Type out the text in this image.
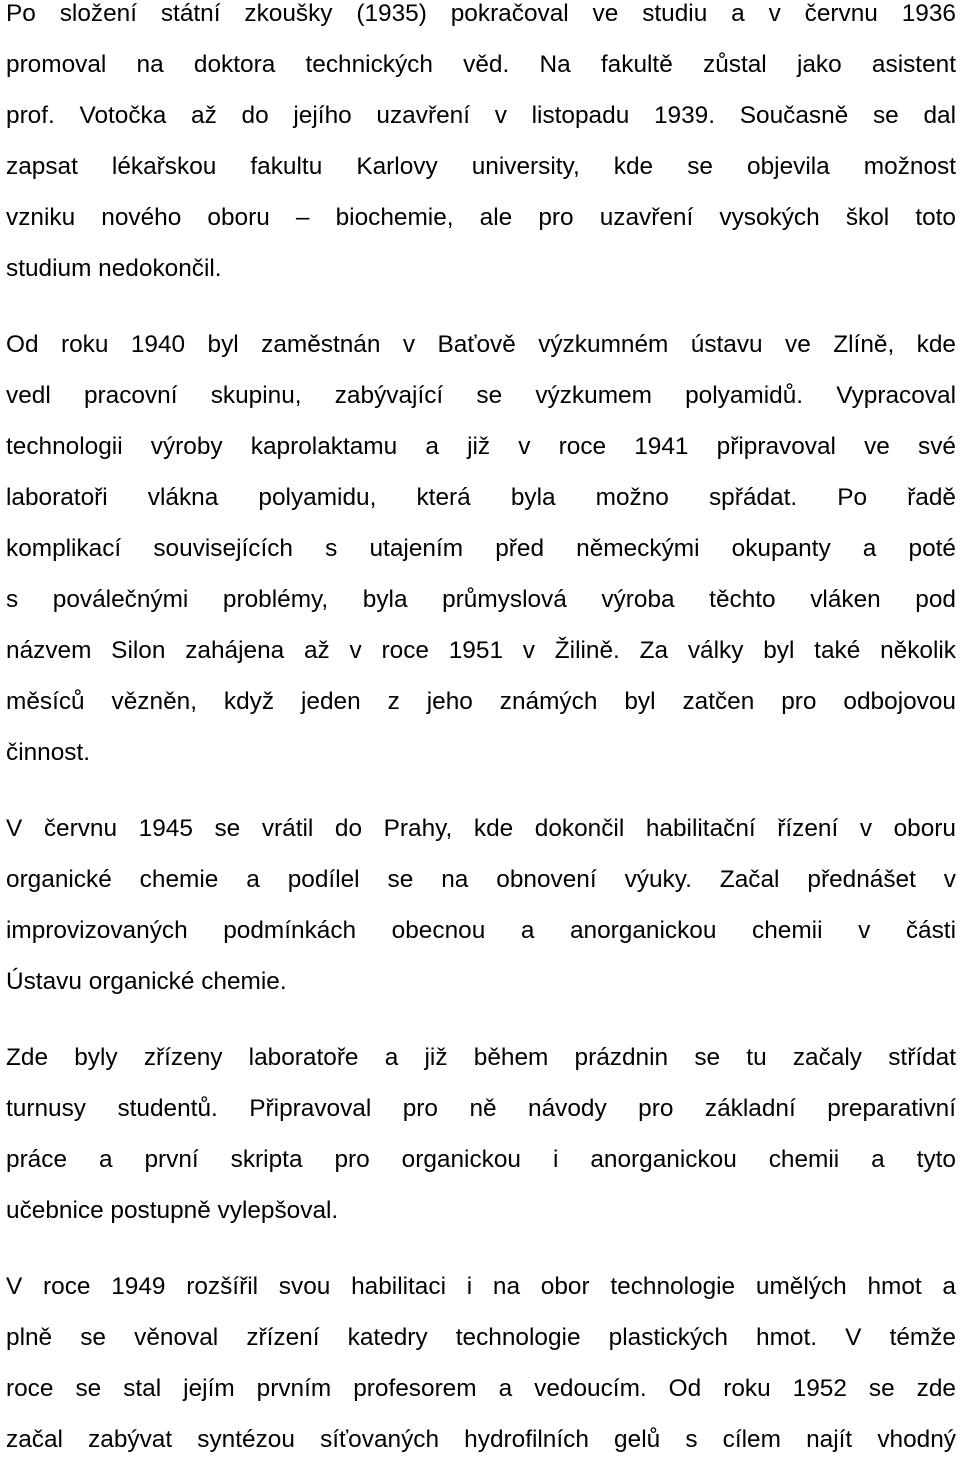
Po složení státní zkoušky (1935) pokračoval ve studiu a v červnu 1936
promoval na doktora technických věd. Na fakultě zůstal jako asistent
prof. Votočka až do jejího uzavření v listopadu 1939. Současně se dal
zapsat lékařskou fakultu Karlovy university, kde se objevila možnost
vzniku nového oboru – biochemie, ale pro uzavření vysokých škol toto
studium nedokončil.

Od roku 1940 byl zaměstnán v Baťově výzkumném ústavu ve Zlíně, kde
vedl pracovní skupinu, zabývající se výzkumem polyamidů. Vypracoval
technologii výroby kaprolaktamu a již v roce 1941 připravoval ve své
laboratoři vlákna polyamidu, která byla možno spřádat. Po řadě
komplikací souvisejících s utajením před německými okupanty a poté
s poválečnými problémy, byla průmyslová výroba těchto vláken pod
názvem Silon zahájena až v roce 1951 v Žilině. Za války byl také několik
měsíců vězněn, když jeden z jeho známých byl zatčen pro odbojovou
činnost.

V červnu 1945 se vrátil do Prahy, kde dokončil habilitační řízení v oboru
organické chemie a podílel se na obnovení výuky. Začal přednášet v
improvizovaných podmínkách obecnou a anorganickou chemii v části
Ústavu organické chemie.

Zde byly zřízeny laboratoře a již během prázdnin se tu začaly střídat
turnusy studentů. Připravoval pro ně návody pro základní preparativní
práce a první skripta pro organickou i anorganickou chemii a tyto
učebnice postupně vylepšoval.

V roce 1949 rozšířil svou habilitaci i na obor technologie umělých hmot a
plně se věnoval zřízení katedry technologie plastických hmot. V témže
roce se stal jejím prvním profesorem a vedoucím. Od roku 1952 se zde
začal zabývat syntézou síťovaných hydrofilních gelů s cílem najít vhodný
